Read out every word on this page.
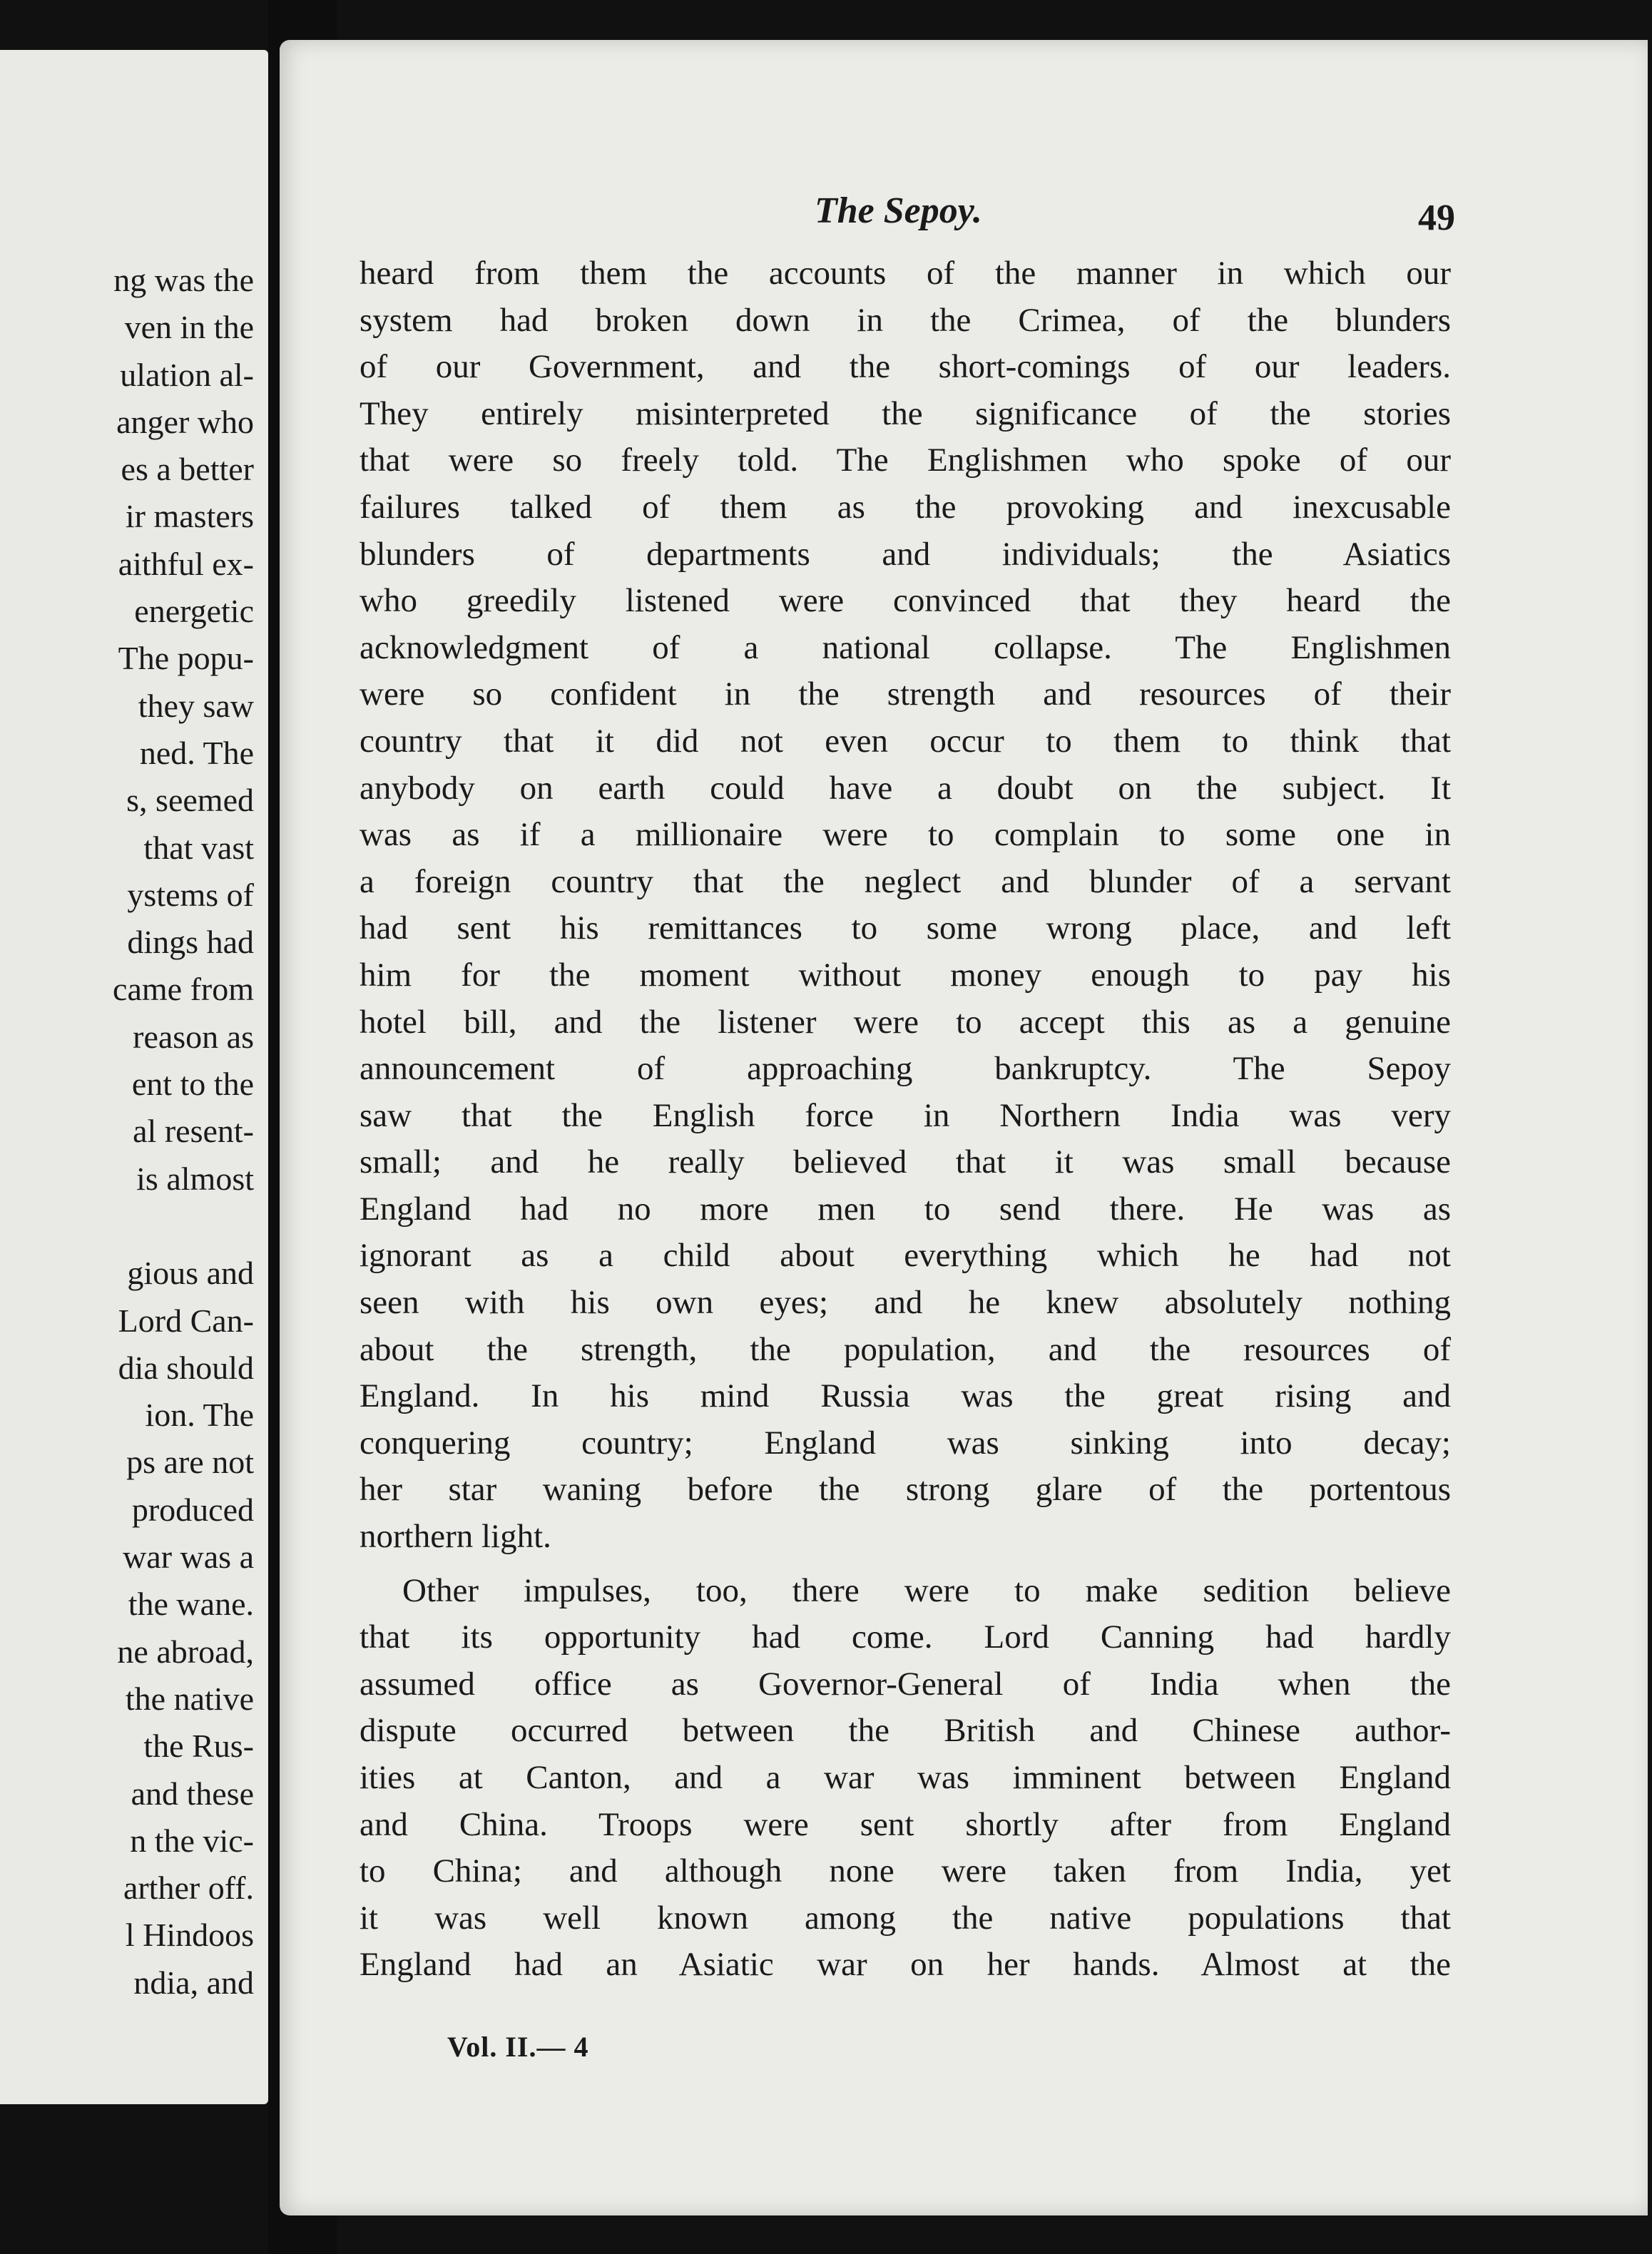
ng was the
ven in the
ulation al-
anger who
es a better
ir masters
aithful ex-
energetic
The popu-
they saw
ned. The
s, seemed
that vast
ystems of
dings had
came from
reason as
ent to the
al resent-
is almost
gious and
Lord Can-
dia should
ion. The
ps are not
produced
war was a
the wane.
ne abroad,
the native
the Rus-
and these
n the vic-
arther off.
l Hindoos
ndia, and
The Sepoy.	49
heard from them the accounts of the manner in which our
system had broken down in the Crimea, of the blunders
of our Government, and the short-comings of our leaders.
They entirely misinterpreted the significance of the stories
that were so freely told. The Englishmen who spoke of our
failures talked of them as the provoking and inexcusable
blunders of departments and individuals; the Asiatics
who greedily listened were convinced that they heard the
acknowledgment of a national collapse. The Englishmen
were so confident in the strength and resources of their
country that it did not even occur to them to think that
anybody on earth could have a doubt on the subject. It
was as if a millionaire were to complain to some one in
a foreign country that the neglect and blunder of a servant
had sent his remittances to some wrong place, and left
him for the moment without money enough to pay his
hotel bill, and the listener were to accept this as a genuine
announcement of approaching bankruptcy. The Sepoy
saw that the English force in Northern India was very
small; and he really believed that it was small because
England had no more men to send there. He was as
ignorant as a child about everything which he had not
seen with his own eyes; and he knew absolutely nothing
about the strength, the population, and the resources of
England. In his mind Russia was the great rising and
conquering country; England was sinking into decay;
her star waning before the strong glare of the portentous
northern light.
Other impulses, too, there were to make sedition believe
that its opportunity had come. Lord Canning had hardly
assumed office as Governor-General of India when the
dispute occurred between the British and Chinese author-
ities at Canton, and a war was imminent between England
and China. Troops were sent shortly after from England
to China; and although none were taken from India, yet
it was well known among the native populations that
England had an Asiatic war on her hands. Almost at the
Vol. II.— 4
